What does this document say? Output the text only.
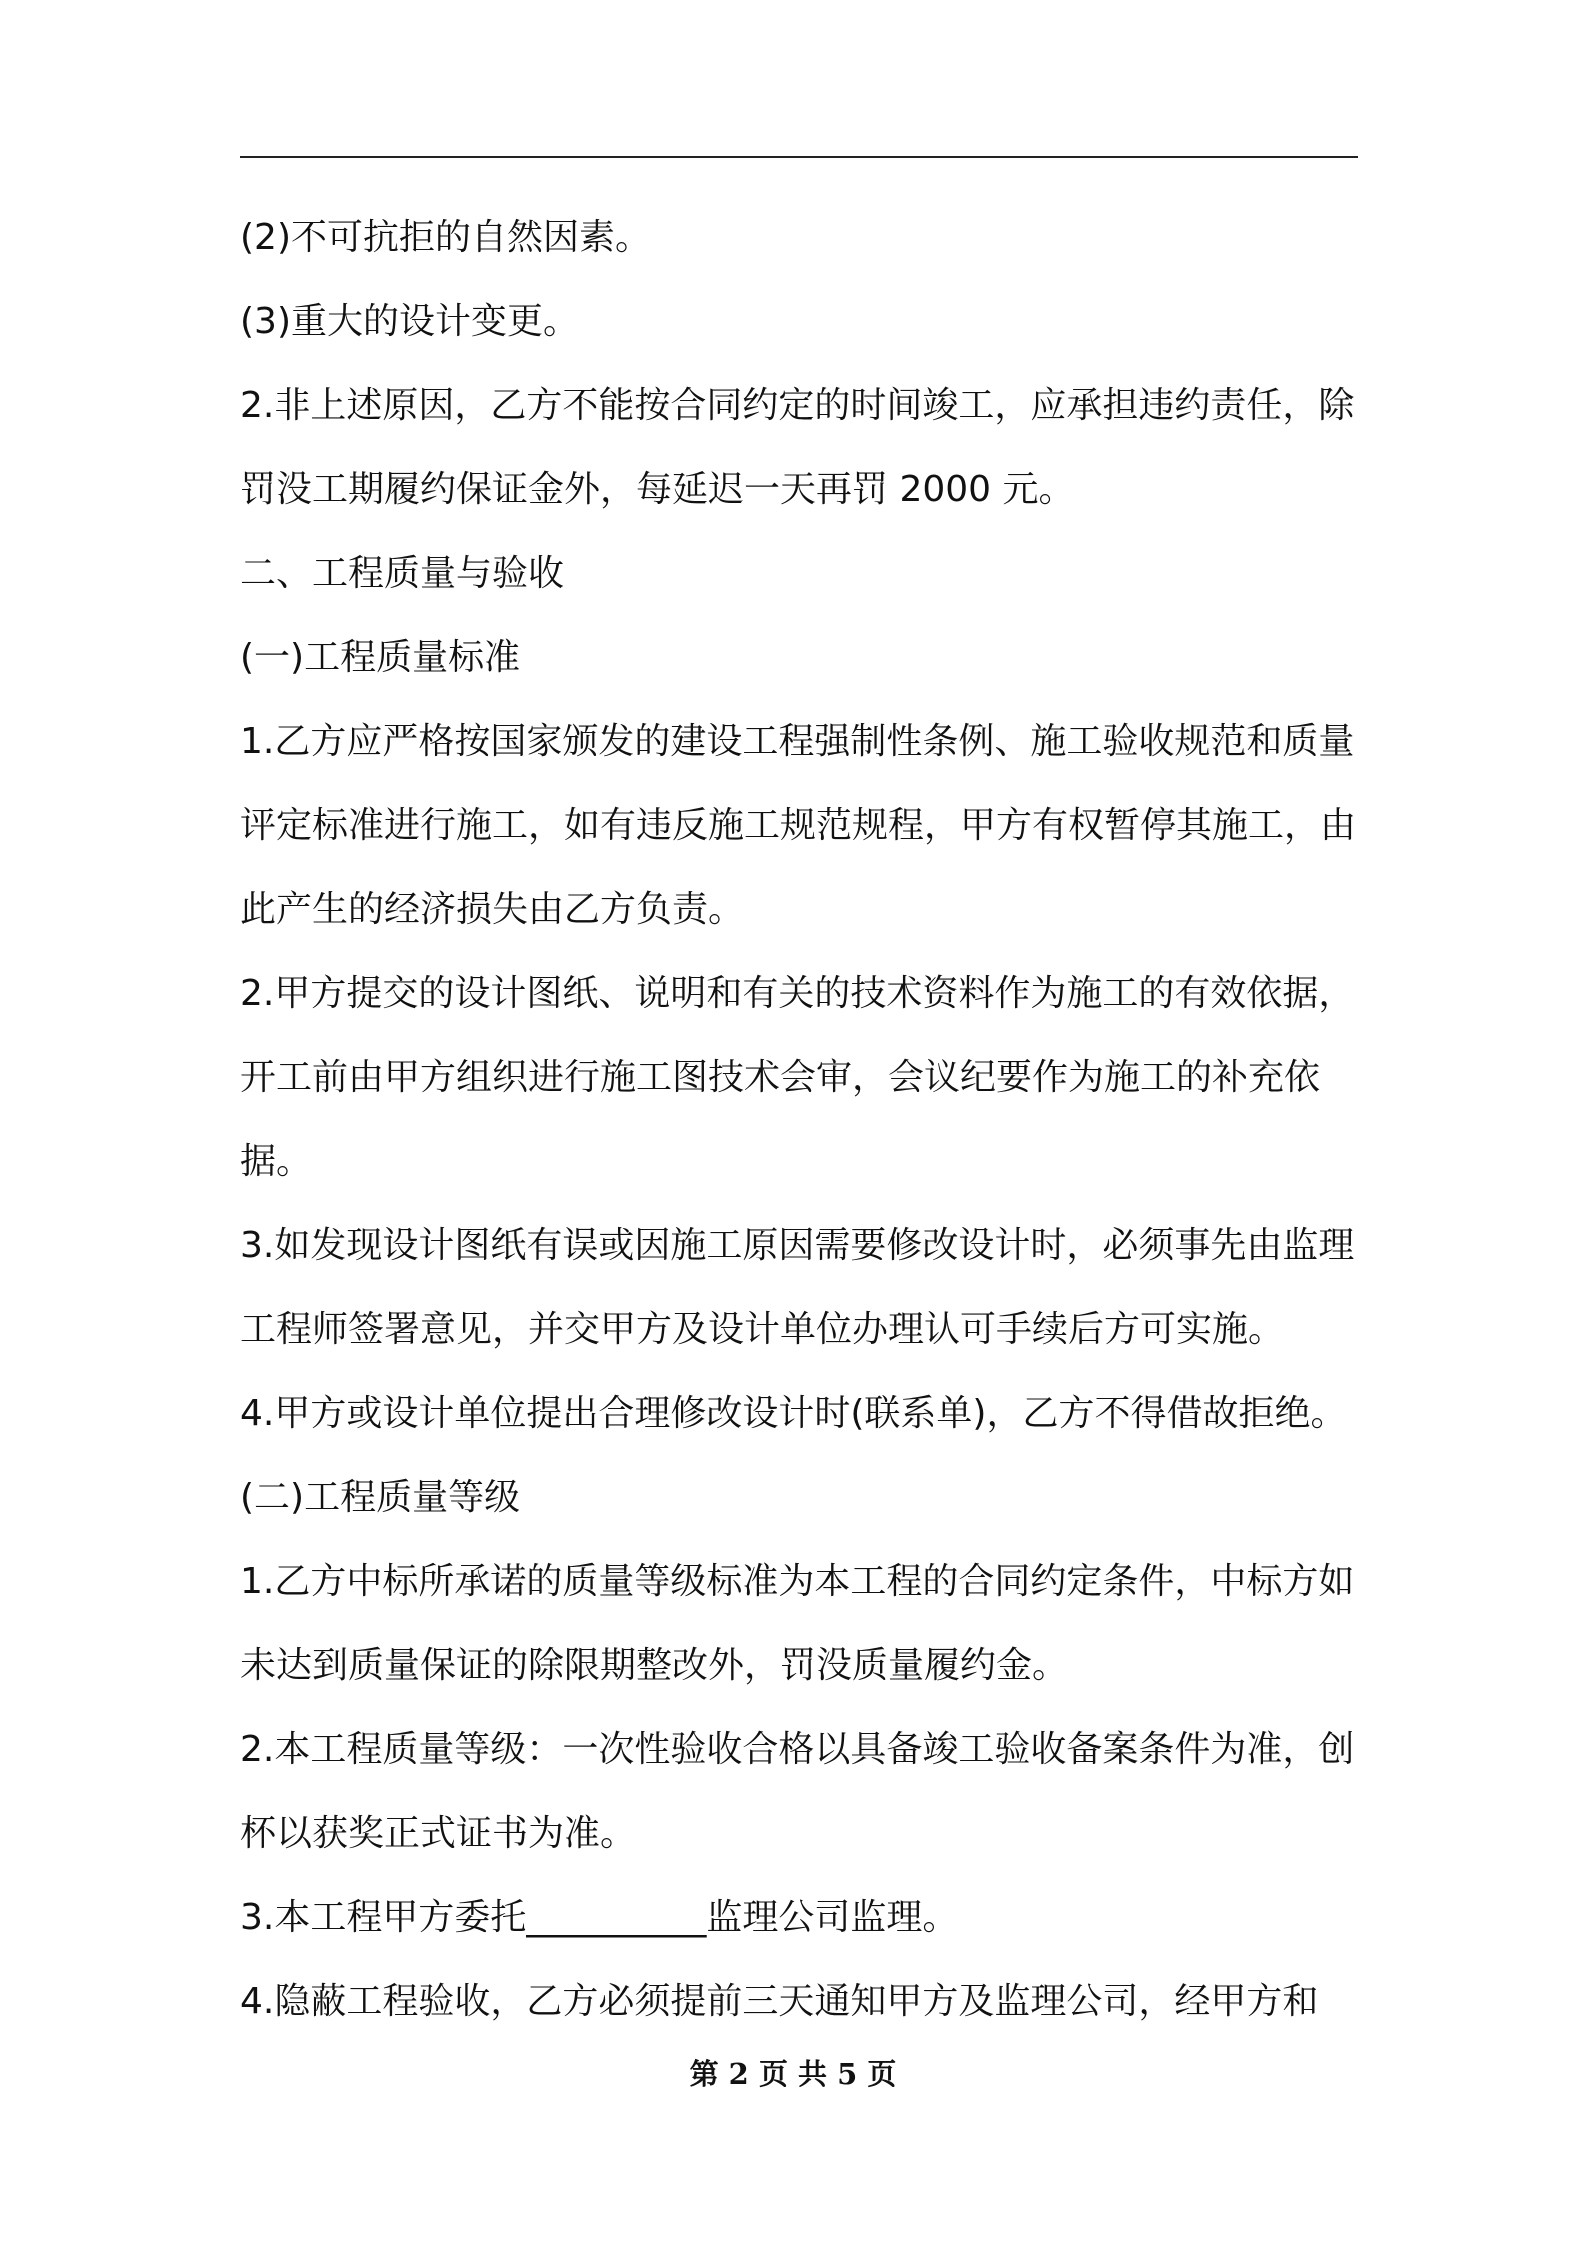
(2)不可抗拒的自然因素。

(3)重大的设计变更。

2.非上述原因，乙方不能按合同约定的时间竣工，应承担违约责任，除罚没工期履约保证金外，每延迟一天再罚 2000 元。

二、工程质量与验收

(一)工程质量标准

1.乙方应严格按国家颁发的建设工程强制性条例、施工验收规范和质量评定标准进行施工，如有违反施工规范规程，甲方有权暂停其施工，由此产生的经济损失由乙方负责。

2.甲方提交的设计图纸、说明和有关的技术资料作为施工的有效依据，开工前由甲方组织进行施工图技术会审，会议纪要作为施工的补充依据。

3.如发现设计图纸有误或因施工原因需要修改设计时，必须事先由监理工程师签署意见，并交甲方及设计单位办理认可手续后方可实施。

4.甲方或设计单位提出合理修改设计时(联系单)，乙方不得借故拒绝。

(二)工程质量等级

1.乙方中标所承诺的质量等级标准为本工程的合同约定条件，中标方如未达到质量保证的除限期整改外，罚没质量履约金。

2.本工程质量等级：一次性验收合格以具备竣工验收备案条件为准，创杯以获奖正式证书为准。

3.本工程甲方委托__________监理公司监理。

4.隐蔽工程验收，乙方必须提前三天通知甲方及监理公司，经甲方和

第 2 页 共 5 页
